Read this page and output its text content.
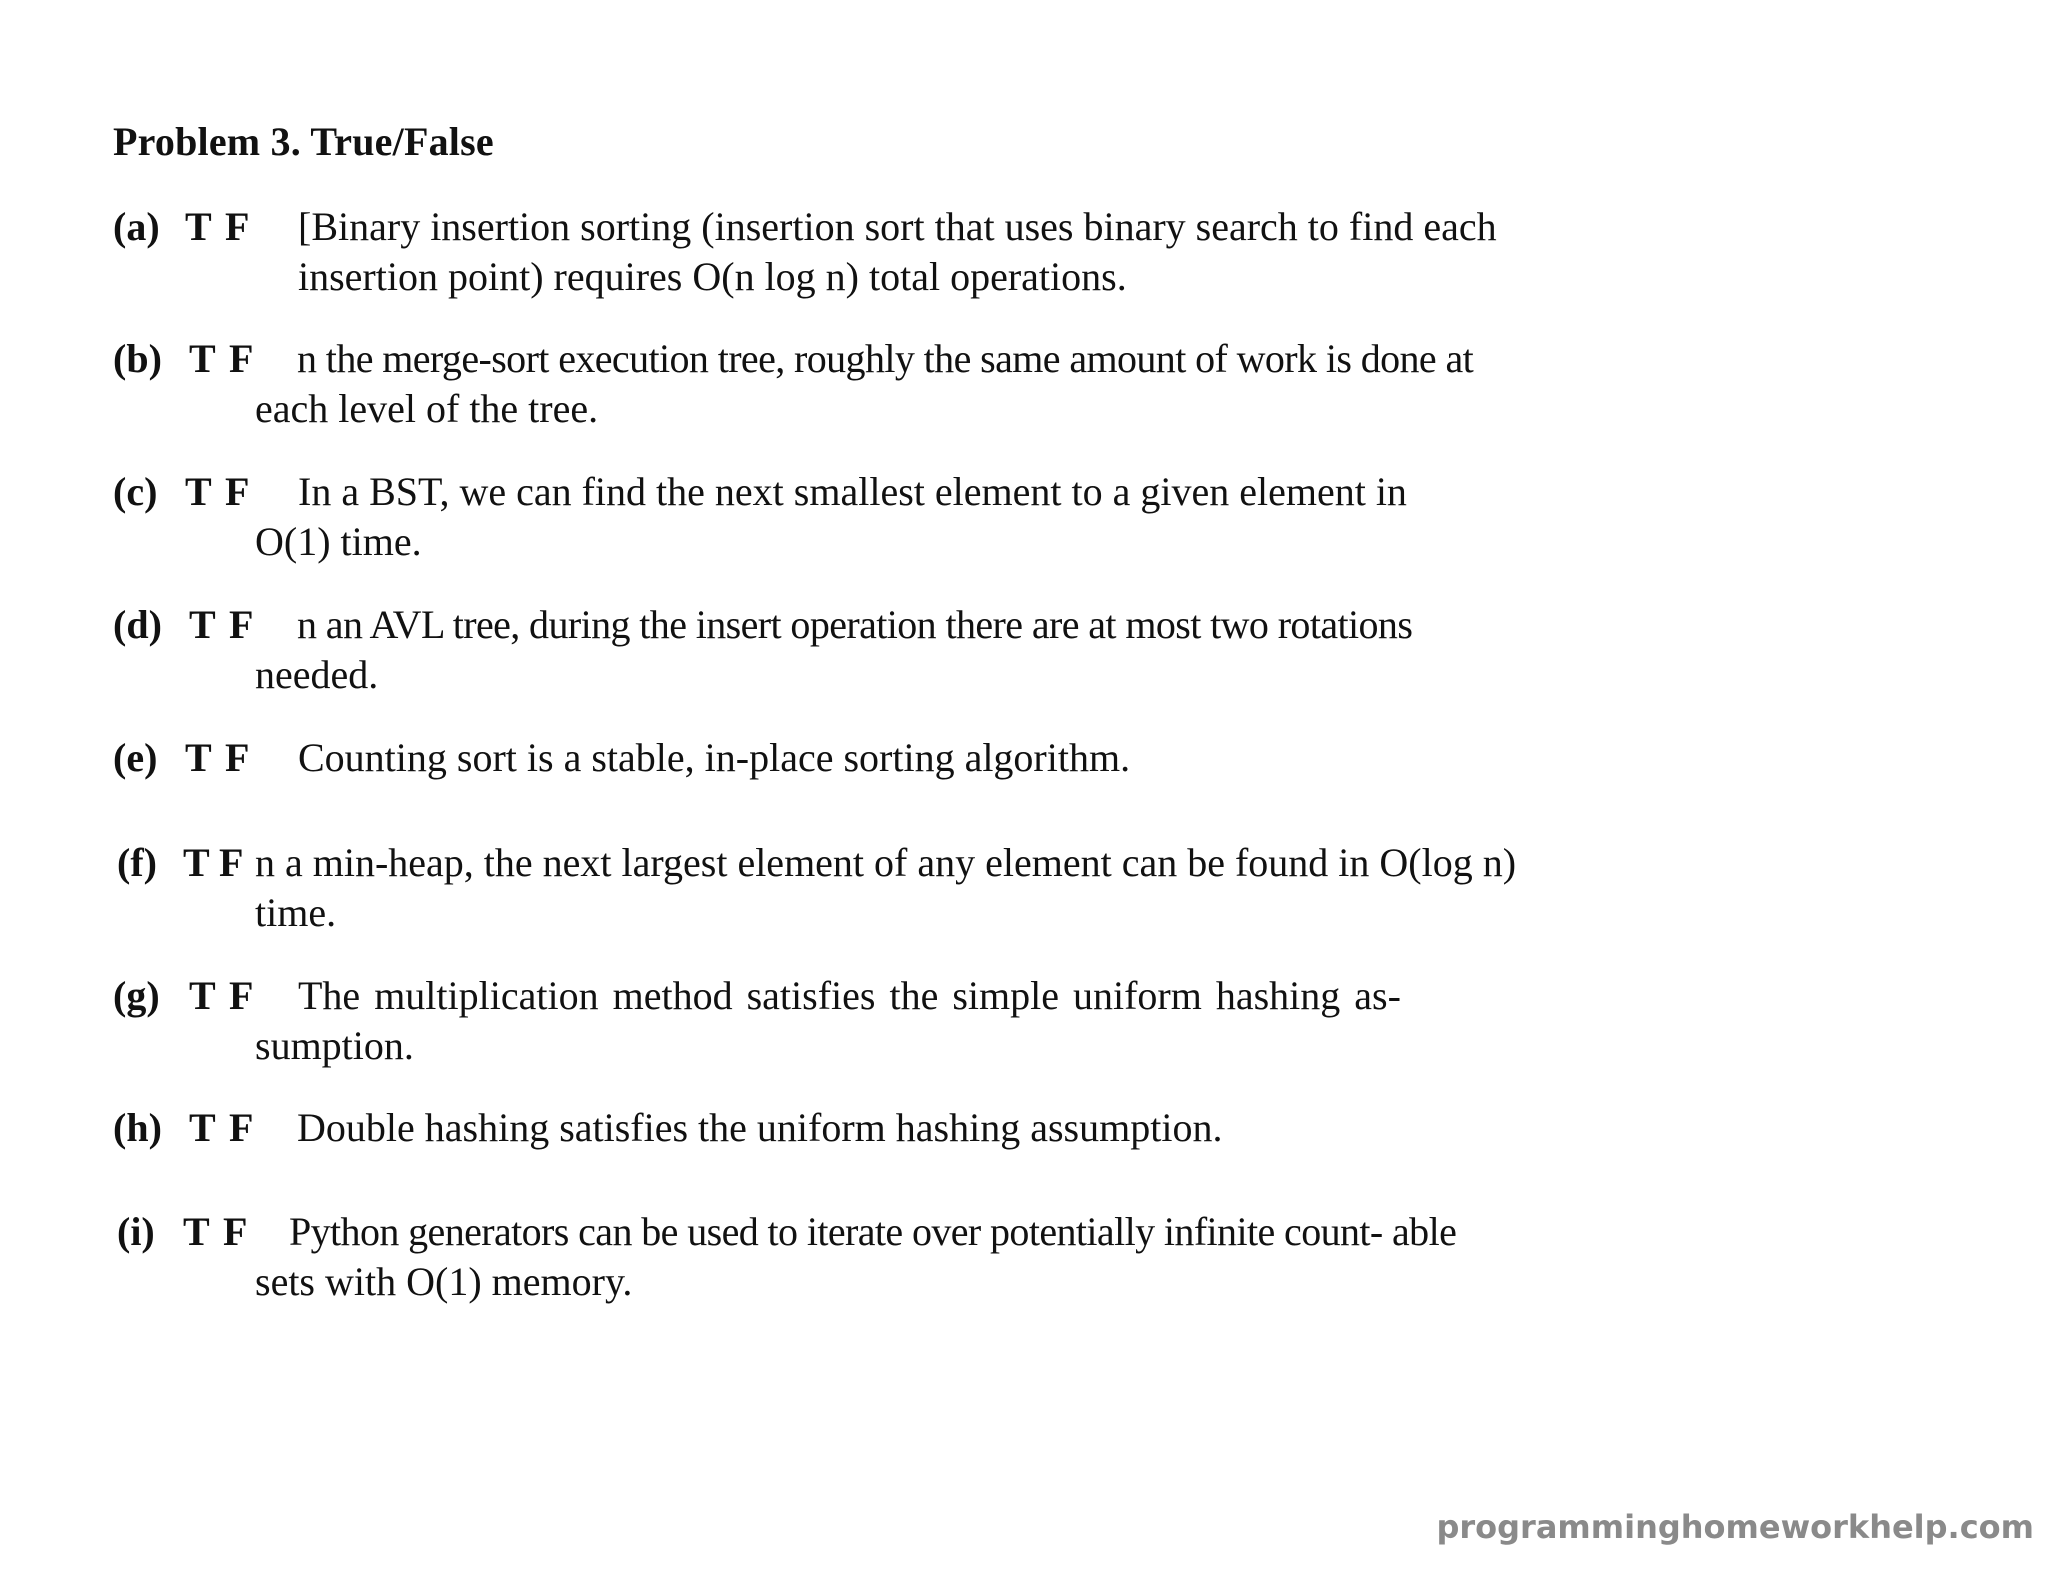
Problem 3. True/False
(a) T F [Binary insertion sorting (insertion sort that uses binary search to find each
insertion point) requires O(n log n) total operations.
(b) T F n the merge-sort execution tree, roughly the same amount of work is done at
each level of the tree.
(c) T F In a BST, we can find the next smallest element to a given element in
O(1) time.
(d) T F n an AVL tree, during the insert operation there are at most two rotations
needed.
(e) T F Counting sort is a stable, in-place sorting algorithm.
(f) T F n a min-heap, the next largest element of any element can be found in O(log n)
time.
(g) T F The multiplication method satisfies the simple uniform hashing as-
sumption.
(h) T F Double hashing satisfies the uniform hashing assumption.
(i) T F Python generators can be used to iterate over potentially infinite count- able
sets with O(1) memory.
programminghomeworkhelp.com
